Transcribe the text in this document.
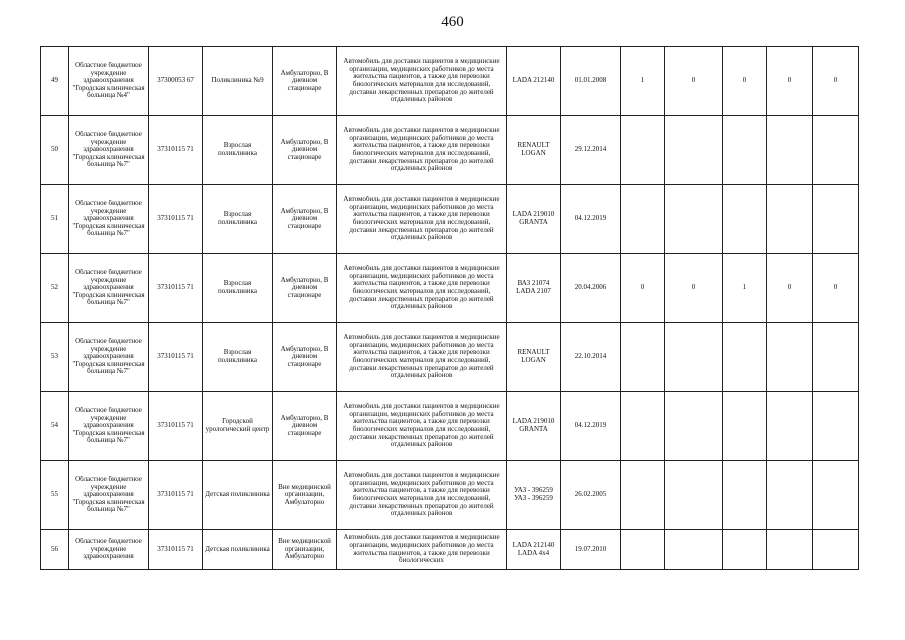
460
49	Областное бюджетное учреждение здравоохранения "Городская клиническая больница №4"	37300053 67	Поликлиника №9	Амбулаторно, В дневном стационаре	Автомобиль для доставки пациентов в медицинские организации, медицинских работников до места жительства пациентов, а также для перевозки биологических материалов для исследований, доставки лекарственных препаратов до жителей отдаленных районов	LADA 212140	01.01.2008	1	0	0	0	0
50	Областное бюджетное учреждение здравоохранения "Городская клиническая больница №7"	37310115 71	Взрослая поликлиника	Амбулаторно, В дневном стационаре	Автомобиль для доставки пациентов в медицинские организации, медицинских работников до места жительства пациентов, а также для перевозки биологических материалов для исследований, доставки лекарственных препаратов до жителей отдаленных районов	RENAULT LOGAN	29.12.2014					
51	Областное бюджетное учреждение здравоохранения "Городская клиническая больница №7"	37310115 71	Взрослая поликлиника	Амбулаторно, В дневном стационаре	Автомобиль для доставки пациентов в медицинские организации, медицинских работников до места жительства пациентов, а также для перевозки биологических материалов для исследований, доставки лекарственных препаратов до жителей отдаленных районов	LADA 219010 GRANTA	04.12.2019					
52	Областное бюджетное учреждение здравоохранения "Городская клиническая больница №7"	37310115 71	Взрослая поликлиника	Амбулаторно, В дневном стационаре	Автомобиль для доставки пациентов в медицинские организации, медицинских работников до места жительства пациентов, а также для перевозки биологических материалов для исследований, доставки лекарственных препаратов до жителей отдаленных районов	ВАЗ 21074 LADA 2107	20.04.2006	0	0	1	0	0
53	Областное бюджетное учреждение здравоохранения "Городская клиническая больница №7"	37310115 71	Взрослая поликлиника	Амбулаторно, В дневном стационаре	Автомобиль для доставки пациентов в медицинские организации, медицинских работников до места жительства пациентов, а также для перевозки биологических материалов для исследований, доставки лекарственных препаратов до жителей отдаленных районов	RENAULT LOGAN	22.10.2014					
54	Областное бюджетное учреждение здравоохранения "Городская клиническая больница №7"	37310115 71	Городской урологический центр	Амбулаторно, В дневном стационаре	Автомобиль для доставки пациентов в медицинские организации, медицинских работников до места жительства пациентов, а также для перевозки биологических материалов для исследований, доставки лекарственных препаратов до жителей отдаленных районов	LADA 219010 GRANTA	04.12.2019					
55	Областное бюджетное учреждение здравоохранения "Городская клиническая больница №7"	37310115 71	Детская поликлиника	Вне медицинской организации, Амбулаторно	Автомобиль для доставки пациентов в медицинские организации, медицинских работников до места жительства пациентов, а также для перевозки биологических материалов для исследований, доставки лекарственных препаратов до жителей отдаленных районов	УАЗ - 396259 УАЗ - 396259	26.02.2005					
56	Областное бюджетное учреждение здравоохранения	37310115 71	Детская поликлиника	Вне медицинской организации, Амбулаторно	Автомобиль для доставки пациентов в медицинские организации, медицинских работников до места жительства пациентов, а также для перевозки биологических	LADA 212140 LADA 4x4	19.07.2010					
